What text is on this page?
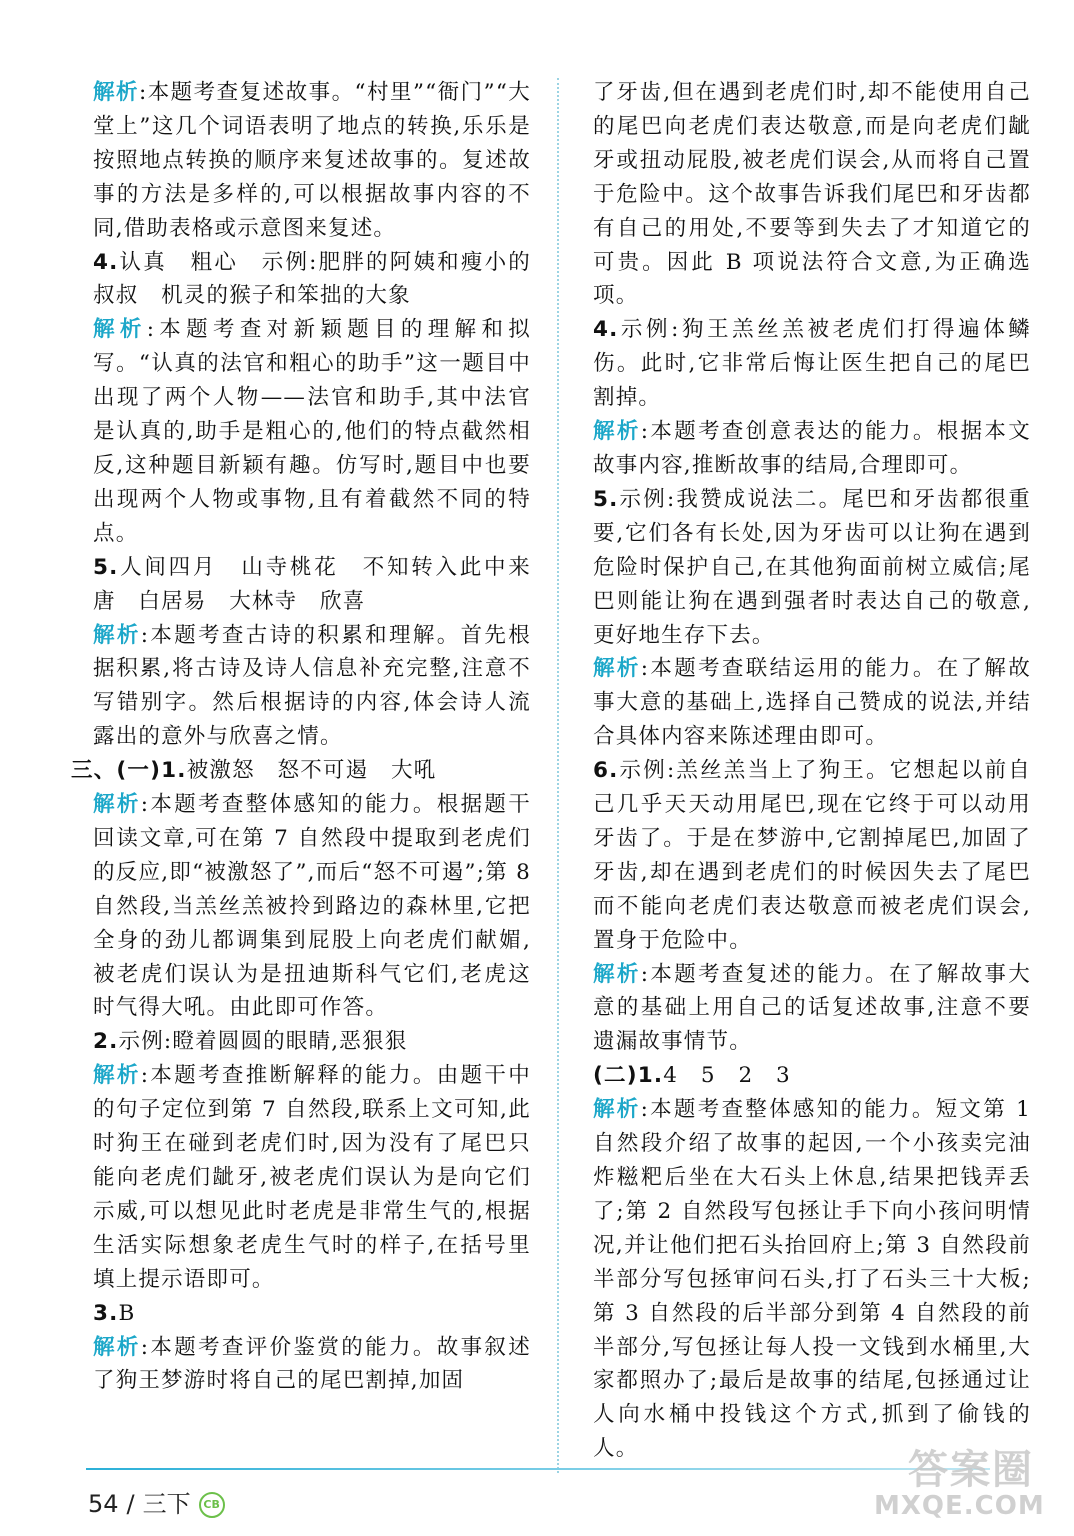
解析:本题考查复述故事。“村里”“衙门”“大堂上”这几个词语表明了地点的转换,乐乐是按照地点转换的顺序来复述故事的。复述故事的方法是多样的,可以根据故事内容的不同,借助表格或示意图来复述。

4.认真　粗心　示例:肥胖的阿姨和瘦小的叔叔　机灵的猴子和笨拙的大象

解析:本题考查对新颖题目的理解和拟写。“认真的法官和粗心的助手”这一题目中出现了两个人物——法官和助手,其中法官是认真的,助手是粗心的,他们的特点截然相反,这种题目新颖有趣。仿写时,题目中也要出现两个人物或事物,且有着截然不同的特点。

5.人间四月　山寺桃花　不知转入此中来　唐　白居易　大林寺　欣喜

解析:本题考查古诗的积累和理解。首先根据积累,将古诗及诗人信息补充完整,注意不写错别字。然后根据诗的内容,体会诗人流露出的意外与欣喜之情。

三、(一)1.被激怒　怒不可遏　大吼

解析:本题考查整体感知的能力。根据题干回读文章,可在第 7 自然段中提取到老虎们的反应,即“被激怒了”,而后“怒不可遏”;第 8 自然段,当羔丝羔被拎到路边的森林里,它把全身的劲儿都调集到屁股上向老虎们献媚,被老虎们误认为是扭迪斯科气它们,老虎这时气得大吼。由此即可作答。

2.示例:瞪着圆圆的眼睛,恶狠狠

解析:本题考查推断解释的能力。由题干中的句子定位到第 7 自然段,联系上文可知,此时狗王在碰到老虎们时,因为没有了尾巴只能向老虎们龇牙,被老虎们误认为是向它们示威,可以想见此时老虎是非常生气的,根据生活实际想象老虎生气时的样子,在括号里填上提示语即可。

3.B

解析:本题考查评价鉴赏的能力。故事叙述了狗王梦游时将自己的尾巴割掉,加固

了牙齿,但在遇到老虎们时,却不能使用自己的尾巴向老虎们表达敬意,而是向老虎们龇牙或扭动屁股,被老虎们误会,从而将自己置于危险中。这个故事告诉我们尾巴和牙齿都有自己的用处,不要等到失去了才知道它的可贵。因此 B 项说法符合文意,为正确选项。

4.示例:狗王羔丝羔被老虎们打得遍体鳞伤。此时,它非常后悔让医生把自己的尾巴割掉。

解析:本题考查创意表达的能力。根据本文故事内容,推断故事的结局,合理即可。

5.示例:我赞成说法二。尾巴和牙齿都很重要,它们各有长处,因为牙齿可以让狗在遇到危险时保护自己,在其他狗面前树立威信;尾巴则能让狗在遇到强者时表达自己的敬意,更好地生存下去。

解析:本题考查联结运用的能力。在了解故事大意的基础上,选择自己赞成的说法,并结合具体内容来陈述理由即可。

6.示例:羔丝羔当上了狗王。它想起以前自己几乎天天动用尾巴,现在它终于可以动用牙齿了。于是在梦游中,它割掉尾巴,加固了牙齿,却在遇到老虎们的时候因失去了尾巴而不能向老虎们表达敬意而被老虎们误会,置身于危险中。

解析:本题考查复述的能力。在了解故事大意的基础上用自己的话复述故事,注意不要遗漏故事情节。

(二)1.4　5　2　3

解析:本题考查整体感知的能力。短文第 1 自然段介绍了故事的起因,一个小孩卖完油炸糍粑后坐在大石头上休息,结果把钱弄丢了;第 2 自然段写包拯让手下向小孩问明情况,并让他们把石头抬回府上;第 3 自然段前半部分写包拯审问石头,打了石头三十大板;第 3 自然段的后半部分到第 4 自然段的前半部分,写包拯让每人投一文钱到水桶里,大家都照办了;最后是故事的结尾,包拯通过让人向水桶中投钱这个方式,抓到了偷钱的人。

54 / 三下 CB
答案圈
MXQE.COM
